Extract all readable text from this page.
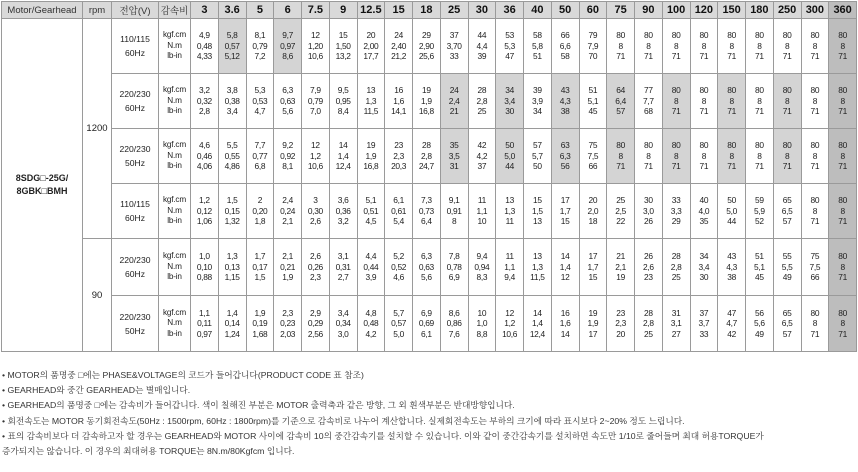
Motor/Gearhead	rpm	전압(V)	감속비	3	3.6	5	6	7.5	9	12.5	15	18	25	30	36	40	50	60	75	90	100	120	150	180	250	300	360

8SDG□-25G/
8GBK□BMH	1200	110/115
60Hz	kgf.cm
N.m
lb-in	4,9
0,48
4,33	5,8
0,57
5,12	8,1
0,79
7,2	9,7
0,97
8,6	12
1,20
10,6	15
1,50
13,2	20
2,00
17,7	24
2,40
21,2	29
2,90
25,6	37
3,70
33	44
4,4
39	53
5,3
47	58
5,8
51	66
6,6
58	79
7,9
70	80
8
71	80
8
71	80
8
71	80
8
71	80
8
71	80
8
71	80
8
71	80
8
71	80
8
71

		220/230
60Hz	kgf.cm
N.m
lb-in	3,2
0,32
2,8	3,8
0,38
3,4	5,3
0,53
4,7	6,3
0,63
5,6	7,9
0,79
7,0	9,5
0,95
8,4	13
1,3
11,5	16
1,6
14,1	19
1,9
16,8	24
2,4
21	28
2,8
25	34
3,4
30	39
3,9
34	43
4,3
38	51
5,1
45	64
6,4
57	77
7,7
68	80
8
71	80
8
71	80
8
71	80
8
71	80
8
71	80
8
71	80
8
71

		220/230
50Hz	kgf.cm
N.m
lb-in	4,6
0,46
4,06	5,5
0,55
4,86	7,7
0,77
6,8	9,2
0,92
8,1	12
1,2
10,6	14
1,4
12,4	19
1,9
16,8	23
2,3
20,3	28
2,8
24,7	35
3,5
31	42
4,2
37	50
5,0
44	57
5,7
50	63
6,3
56	75
7,5
66	80
8
71	80
8
71	80
8
71	80
8
71	80
8
71	80
8
71	80
8
71	80
8
71	80
8
71

		110/115
60Hz	kgf.cm
N.m
lb-in	1,2
0,12
1,06	1,5
0,15
1,32	2
0,20
1,8	2,4
0,24
2,1	3
0,30
2,6	3,6
0,36
3,2	5,1
0,51
4,5	6,1
0,61
5,4	7,3
0,73
6,4	9,1
0,91
8	11
1,1
10	13
1,3
11	15
1,5
13	17
1,7
15	20
2,0
18	25
2,5
22	30
3,0
26	33
3,3
29	40
4,0
35	50
5,0
44	59
5,9
52	65
6,5
57	80
8
71	80
8
71

	90	220/230
60Hz	kgf.cm
N.m
lb-in	1,0
0,10
0,88	1,3
0,13
1,15	1,7
0,17
1,5	2,1
0,21
1,9	2,6
0,26
2,3	3,1
0,31
2,7	4,4
0,44
3,9	5,2
0,52
4,6	6,3
0,63
5,6	7,8
0,78
6,9	9,4
0,94
8,3	11
1,1
9,4	13
1,3
11,5	14
1,4
12	17
1,7
15	21
2,1
19	26
2,6
23	28
2,8
25	34
3,4
30	43
4,3
38	51
5,1
45	55
5,5
49	75
7,5
66	80
8
71

		220/230
50Hz	kgf.cm
N.m
lb-in	1,1
0,11
0,97	1,4
0,14
1,24	1,9
0,19
1,68	2,3
0,23
2,03	2,9
0,29
2,56	3,4
0,34
3,0	4,8
0,48
4,2	5,7
0,57
5,0	6,9
0,69
6,1	8,6
0,86
7,6	10
1,0
8,8	12
1,2
10,6	14
1,4
12,4	16
1,6
14	19
1,9
17	23
2,3
20	28
2,8
25	31
3,1
27	37
3,7
33	47
4,7
42	56
5,6
49	65
6,5
57	80
8
71	80
8
71
• MOTOR의 품명중 □에는 PHASE&VOLTAGE의 코드가 들어갑니다(PRODUCT CODE 표 참조)
• GEARHEAD와 중간 GEARHEAD는 별매입니다.
• GEARHEAD의 품명중 □에는 감속비가 들어갑니다. 색이 칠해진 부분은 MOTOR 출력축과 같은 방향, 그 외 흰색부분은 반대방향입니다.
• 회전속도는 MOTOR 동기회전속도(50Hz : 1500rpm, 60Hz : 1800rpm)를 기준으로 감속비로 나누어 계산합니다. 실제회전속도는 부하의 크기에 따라 표시보다 2~20% 정도 느립니다.
• 표의 감속비보다 더 감속하고자 할 경우는 GEARHEAD와 MOTOR 사이에 감속비 10의 중간감속기를 설치할 수 있습니다. 이와 같이 중간감속기를 설치하면 속도만 1/10로 줄어들며 최대 허용TORQUE가
증가되지는 않습니다. 이 경우의 최대허용 TORQUE는 8N.m/80Kgfcm 입니다.
